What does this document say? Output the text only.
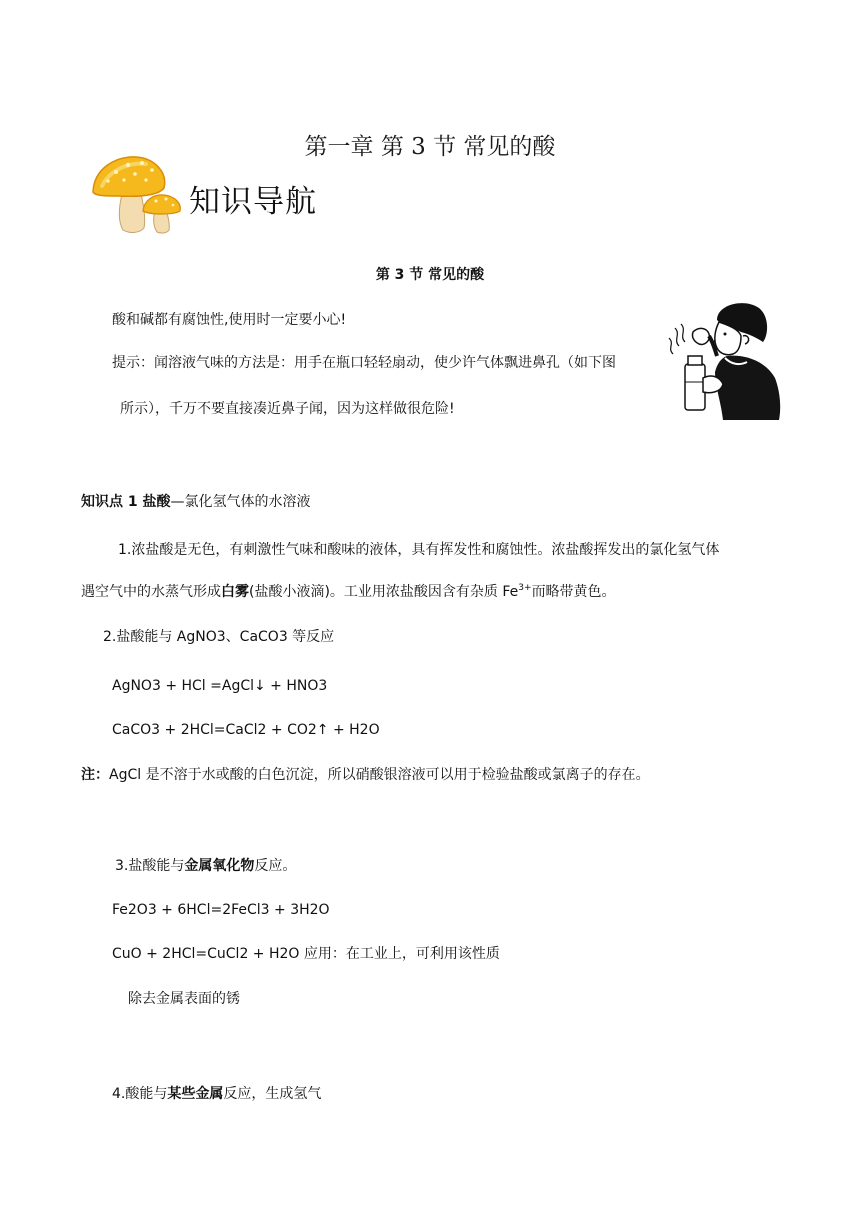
第一章 第 3 节 常见的酸
知识导航
第 3 节 常见的酸
酸和碱都有腐蚀性,使用时一定要小心!
提示：闻溶液气味的方法是：用手在瓶口轻轻扇动，使少许气体飘进鼻孔（如下图
所示），千万不要直接凑近鼻子闻，因为这样做很危险!
知识点 1 盐酸—氯化氢气体的水溶液
1.浓盐酸是无色，有刺激性气味和酸味的液体，具有挥发性和腐蚀性。浓盐酸挥发出的氯化氢气体
遇空气中的水蒸气形成白雾(盐酸小液滴)。工业用浓盐酸因含有杂质 $Fe^{3+}$而略带黄色。
2.盐酸能与 AgNO3、CaCO3 等反应
AgNO3 + HCl =AgCl↓ + HNO3
CaCO3 + 2HCl=CaCl2 + CO2↑ + H2O
注：AgCl 是不溶于水或酸的白色沉淀，所以硝酸银溶液可以用于检验盐酸或氯离子的存在。
3.盐酸能与金属氧化物反应。
Fe2O3 + 6HCl=2FeCl3 + 3H2O
CuO + 2HCl=CuCl2 + H2O 应用：在工业上，可利用该性质
除去金属表面的锈
4.酸能与某些金属反应，生成氢气
